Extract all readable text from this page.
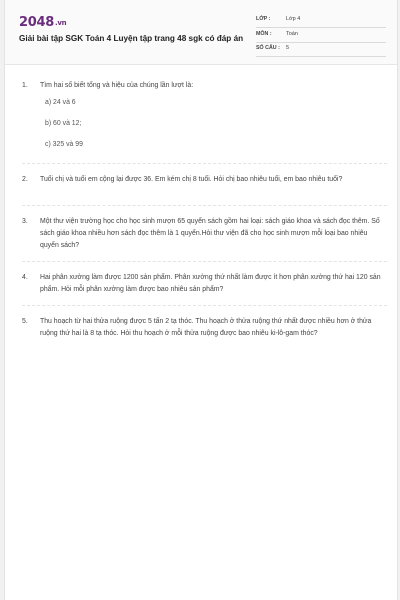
2048.vn
Giải bài tập SGK Toán 4 Luyện tập trang 48 sgk có đáp án
LỚP :	Lớp 4
MÔN :	Toán
SỐ CÂU : 5
1. Tìm hai số biết tổng và hiệu của chúng lần lượt là:
a) 24 và 6
b) 60 và 12;
c) 325 và 99
2. Tuổi chị và tuổi em cộng lại được 36. Em kém chị 8 tuổi. Hỏi chị bao nhiêu tuổi, em bao nhiêu tuổi?
3. Một thư viện trường học cho học sinh mượn 65 quyển sách gồm hai loại: sách giáo khoa và sách đọc thêm. Số sách giáo khoa nhiều hơn sách đọc thêm là 1 quyển.Hỏi thư viện đã cho học sinh mượn mỗi loại bao nhiêu quyển sách?
4. Hai phân xưởng làm được 1200 sản phẩm. Phân xưởng thứ nhất làm được ít hơn phân xưởng thứ hai 120 sản phẩm. Hỏi mỗi phân xưởng làm được bao nhiêu sản phẩm?
5. Thu hoạch từ hai thửa ruộng được 5 tấn 2 tạ thóc. Thu hoạch ở thửa ruộng thứ nhất được nhiều hơn ở thửa ruộng thứ hai là 8 tạ thóc. Hỏi thu hoạch ở mỗi thửa ruộng được bao nhiêu ki-lô-gam thóc?
